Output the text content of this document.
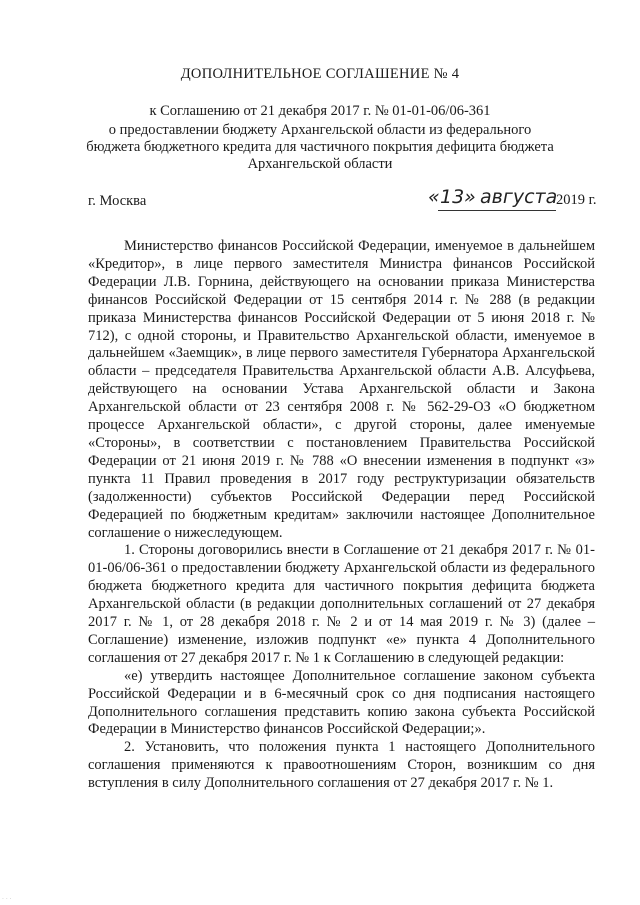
ДОПОЛНИТЕЛЬНОЕ СОГЛАШЕНИЕ № 4
к Соглашению от 21 декабря 2017 г. № 01-01-06/06-361
о предоставлении бюджету Архангельской области из федерального
бюджета бюджетного кредита для частичного покрытия дефицита бюджета
Архангельской области
г. Москва	« 13 » августа
2019 г.

Министерство финансов Российской Федерации, именуемое в дальнейшем «Кредитор», в лице первого заместителя Министра финансов Российской Федерации Л.В. Горнина, действующего на основании приказа Министерства финансов Российской Федерации от 15 сентября 2014 г. № 288 (в редакции приказа Министерства финансов Российской Федерации от 5 июня 2018 г. № 712), с одной стороны, и Правительство Архангельской области, именуемое в дальнейшем «Заемщик», в лице первого заместителя Губернатора Архангельской области – председателя Правительства Архангельской области А.В. Алсуфьева, действующего на основании Устава Архангельской области и Закона Архангельской области от 23 сентября 2008 г. № 562-29-ОЗ «О бюджетном процессе Архангельской области», с другой стороны, далее именуемые «Стороны», в соответствии с постановлением Правительства Российской Федерации от 21 июня 2019 г. № 788 «О внесении изменения в подпункт «з» пункта 11 Правил проведения в 2017 году реструктуризации обязательств (задолженности) субъектов Российской Федерации перед Российской Федерацией по бюджетным кредитам» заключили настоящее Дополнительное соглашение о нижеследующем.

1. Стороны договорились внести в Соглашение от 21 декабря 2017 г. № 01-01-06/06-361 о предоставлении бюджету Архангельской области из федерального бюджета бюджетного кредита для частичного покрытия дефицита бюджета Архангельской области (в редакции дополнительных соглашений от 27 декабря 2017 г. № 1, от 28 декабря 2018 г. № 2 и от 14 мая 2019 г. № 3) (далее – Соглашение) изменение, изложив подпункт «е» пункта 4 Дополнительного соглашения от 27 декабря 2017 г. № 1 к Соглашению в следующей редакции:

«е) утвердить настоящее Дополнительное соглашение законом субъекта Российской Федерации и в 6-месячный срок со дня подписания настоящего Дополнительного соглашения представить копию закона субъекта Российской Федерации в Министерство финансов Российской Федерации;».

2. Установить, что положения пункта 1 настоящего Дополнительного соглашения применяются к правоотношениям Сторон, возникшим со дня вступления в силу Дополнительного соглашения от 27 декабря 2017 г. № 1.

· · ·
